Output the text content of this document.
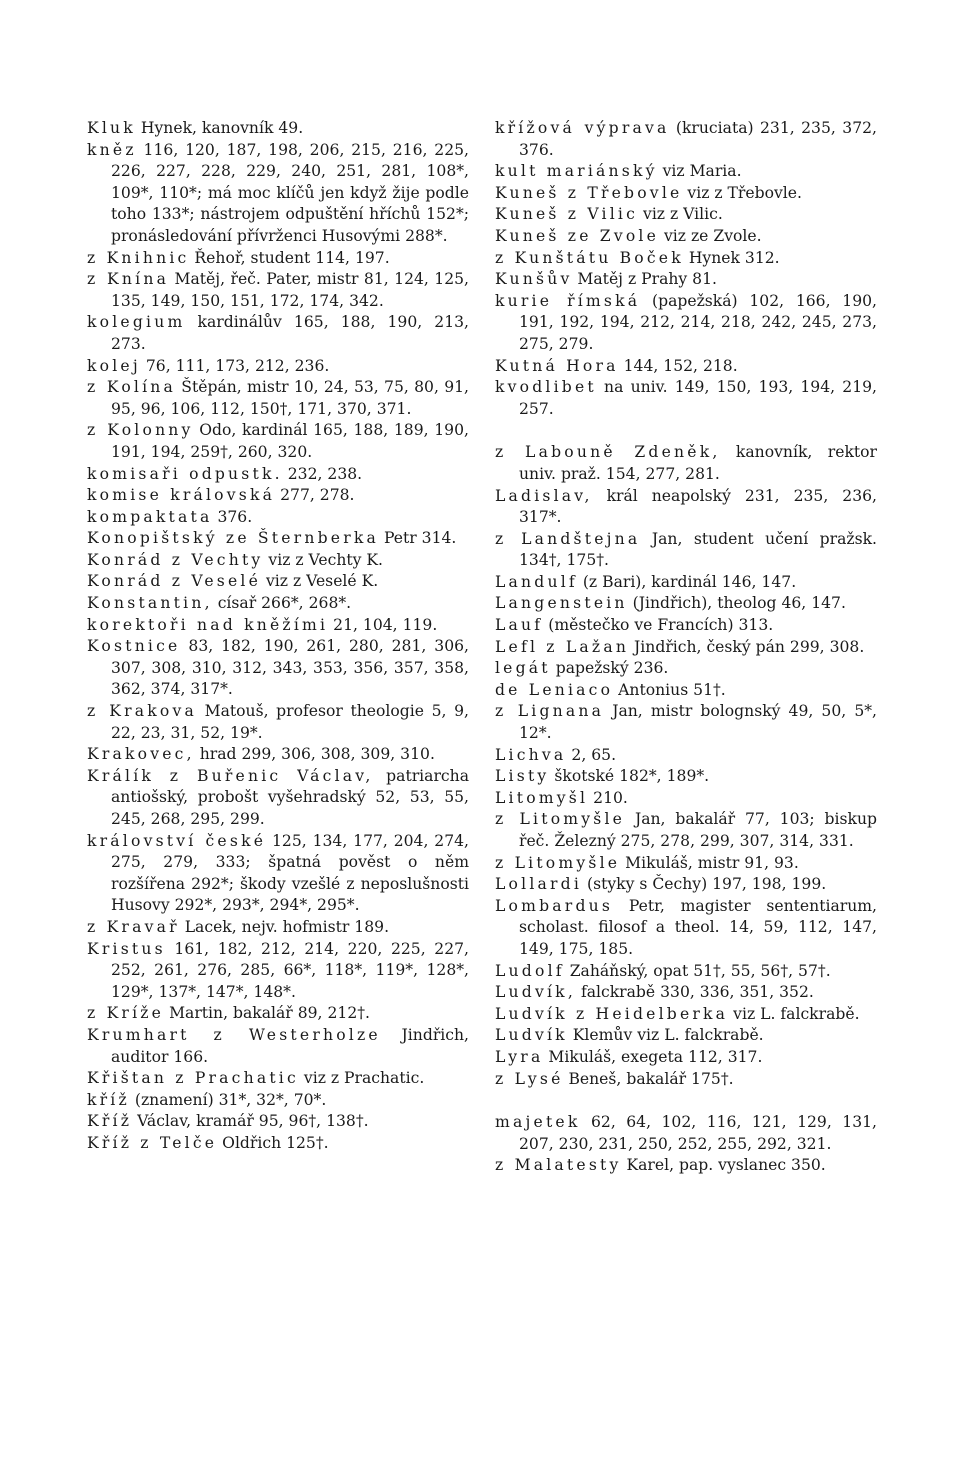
Kluk Hynek, kanovník 49.

kněz 116, 120, 187, 198, 206, 215, 216, 225, 226, 227, 228, 229, 240, 251, 281, 108*, 109*, 110*; má moc klíčů jen když žije podle toho 133*; nástrojem odpuštění hříchů 152*; pronásledování přívrženci Husovými 288*.

z Knihnic Řehoř, student 114, 197.

z Knína Matěj, řeč. Pater, mistr 81, 124, 125, 135, 149, 150, 151, 172, 174, 342.

kolegium kardinálův 165, 188, 190, 213, 273.

kolej 76, 111, 173, 212, 236.

z Kolína Štěpán, mistr 10, 24, 53, 75, 80, 91, 95, 96, 106, 112, 150†, 171, 370, 371.

z Kolonny Odo, kardinál 165, 188, 189, 190, 191, 194, 259†, 260, 320.

komisaři odpustk. 232, 238.

komise královská 277, 278.

kompaktata 376.

Konopištský ze Šternberka Petr 314.

Konrád z Vechty viz z Vechty K.

Konrád z Veselé viz z Veselé K.

Konstantin, císař 266*, 268*.

korektoři nad kněžími 21, 104, 119.

Kostnice 83, 182, 190, 261, 280, 281, 306, 307, 308, 310, 312, 343, 353, 356, 357, 358, 362, 374, 317*.

z Krakova Matouš, profesor theologie 5, 9, 22, 23, 31, 52, 19*.

Krakovec, hrad 299, 306, 308, 309, 310.

Králík z Buřenic Václav, patriarcha antiošský, probošt vyšehradský 52, 53, 55, 245, 268, 295, 299.

království české 125, 134, 177, 204, 274, 275, 279, 333; špatná pověst o něm rozšířena 292*; škody vzešlé z neposlušnosti Husovy 292*, 293*, 294*, 295*.

z Kravař Lacek, nejv. hofmistr 189.

Kristus 161, 182, 212, 214, 220, 225, 227, 252, 261, 276, 285, 66*, 118*, 119*, 128*, 129*, 137*, 147*, 148*.

z Kríže Martin, bakalář 89, 212†.

Krumhart z Westerholze Jindřich, auditor 166.

Křištan z Prachatic viz z Prachatic.

kříž (znamení) 31*, 32*, 70*.

Kříž Václav, kramář 95, 96†, 138†.

Kříž z Telče Oldřich 125†.

křížová výprava (kruciata) 231, 235, 372, 376.

kult mariánský viz Maria.

Kuneš z Třebovle viz z Třebovle.

Kuneš z Vilic viz z Vilic.

Kuneš ze Zvole viz ze Zvole.

z Kunštátu Boček Hynek 312.

Kunšův Matěj z Prahy 81.

kurie římská (papežská) 102, 166, 190, 191, 192, 194, 212, 214, 218, 242, 245, 273, 275, 279.

Kutná Hora 144, 152, 218.

kvodlibet na univ. 149, 150, 193, 194, 219, 257.

z Labouně Zdeněk, kanovník, rektor univ. praž. 154, 277, 281.

Ladislav, král neapolský 231, 235, 236, 317*.

z Landštejna Jan, student učení pražsk. 134†, 175†.

Landulf (z Bari), kardinál 146, 147.

Langenstein (Jindřich), theolog 46, 147.

Lauf (městečko ve Francích) 313.

Lefl z Lažan Jindřich, český pán 299, 308.

legát papežský 236.

de Leniaco Antonius 51†.

z Lignana Jan, mistr bolognský 49, 50, 5*, 12*.

Lichva 2, 65.

Listy škotské 182*, 189*.

Litomyšl 210.

z Litomyšle Jan, bakalář 77, 103; biskup řeč. Železný 275, 278, 299, 307, 314, 331.

z Litomyšle Mikuláš, mistr 91, 93.

Lollardi (styky s Čechy) 197, 198, 199.

Lombardus Petr, magister sententiarum, scholast. filosof a theol. 14, 59, 112, 147, 149, 175, 185.

Ludolf Zaháňský, opat 51†, 55, 56†, 57†.

Ludvík, falckrabě 330, 336, 351, 352.

Ludvík z Heidelberka viz L. falckrabě.

Ludvík Klemův viz L. falckrabě.

Lyra Mikuláš, exegeta 112, 317.

z Lysé Beneš, bakalář 175†.

majetek 62, 64, 102, 116, 121, 129, 131, 207, 230, 231, 250, 252, 255, 292, 321.

z Malatesty Karel, pap. vyslanec 350.
